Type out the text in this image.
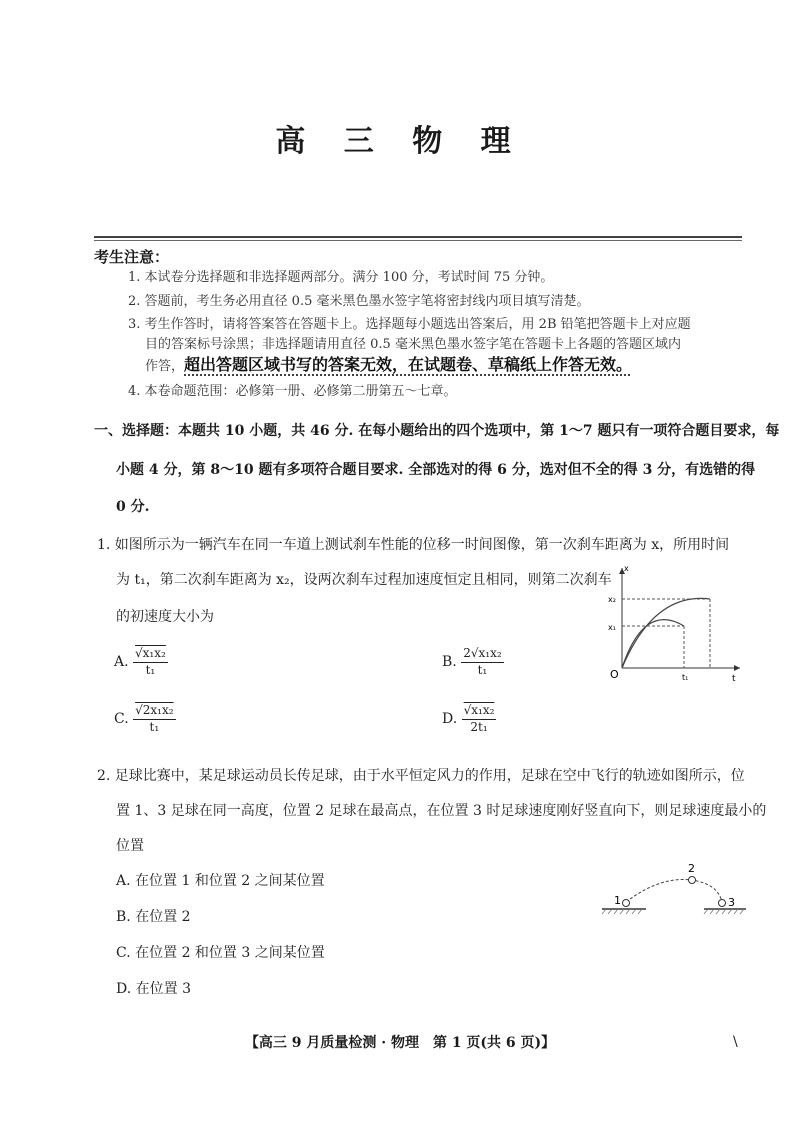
高 三 物 理
考生注意：
1. 本试卷分选择题和非选择题两部分。满分 100 分，考试时间 75 分钟。
2. 答题前，考生务必用直径 0.5 毫米黑色墨水签字笔将密封线内项目填写清楚。
3. 考生作答时，请将答案答在答题卡上。选择题每小题选出答案后，用 2B 铅笔把答题卡上对应题
目的答案标号涂黑；非选择题请用直径 0.5 毫米黑色墨水签字笔在答题卡上各题的答题区域内
作答，超出答题区域书写的答案无效，在试题卷、草稿纸上作答无效。
4. 本卷命题范围：必修第一册、必修第二册第五～七章。
一、选择题：本题共 10 小题，共 46 分. 在每小题给出的四个选项中，第 1～7 题只有一项符合题目要求，每
小题 4 分，第 8～10 题有多项符合题目要求. 全部选对的得 6 分，选对但不全的得 3 分，有选错的得
0 分.
1. 如图所示为一辆汽车在同一车道上测试刹车性能的位移一时间图像，第一次刹车距离为 x，所用时间
为 t₁，第二次刹车距离为 x₂，设两次刹车过程加速度恒定且相同，则第二次刹车
的初速度大小为
A. $\frac{\text{√x₁x₂}}{\text{t₁}}$	B. $\frac{\text{2√x₁x₂}}{\text{t₁}}$
C. $\frac{\text{√2x₁x₂}}{\text{t₁}}$	D. $\frac{\text{√x₁x₂}}{\text{2t₁}}$
O
x₁
x₂
t₁	t
x
2. 足球比赛中，某足球运动员长传足球，由于水平恒定风力的作用，足球在空中飞行的轨迹如图所示，位
置 1、3 足球在同一高度，位置 2 足球在最高点，在位置 3 时足球速度刚好竖直向下，则足球速度最小的
位置
A. 在位置 1 和位置 2 之间某位置
B. 在位置 2
C. 在位置 2 和位置 3 之间某位置
D. 在位置 3
1
2
3
【高三 9 月质量检测 · 物理　第 1 页(共 6 页)】	\
